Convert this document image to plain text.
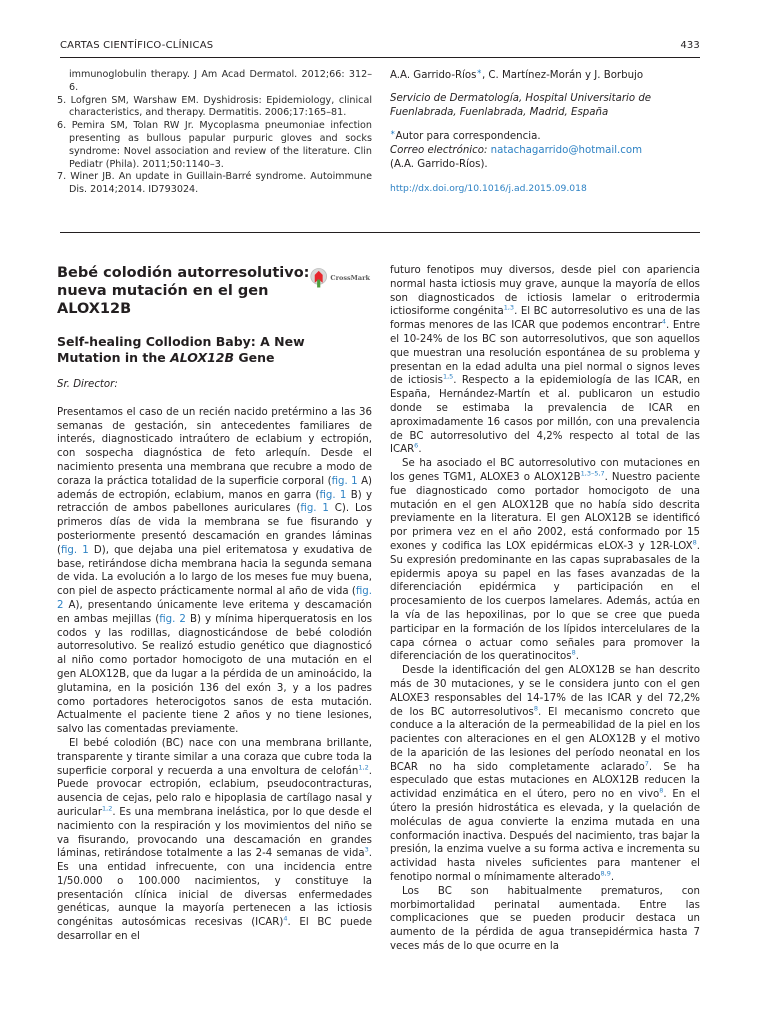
CARTAS CIENTÍFICO-CLÍNICAS	433

immunoglobulin therapy. J Am Acad Dermatol. 2012;66: 312–6.

5. Lofgren SM, Warshaw EM. Dyshidrosis: Epidemiology, clinical characteristics, and therapy. Dermatitis. 2006;17:165–81.

6. Pemira SM, Tolan RW Jr. Mycoplasma pneumoniae infection presenting as bullous papular purpuric gloves and socks syndrome: Novel association and review of the literature. Clin Pediatr (Phila). 2011;50:1140–3.

7. Winer JB. An update in Guillain-Barré syndrome. Autoimmune Dis. 2014;2014. ID793024.

A.A. Garrido-Ríos∗, C. Martínez-Morán y J. Borbujo

Servicio de Dermatología, Hospital Universitario de Fuenlabrada, Fuenlabrada, Madrid, España

∗Autor para correspondencia.

Correo electrónico: natachagarrido@hotmail.com

(A.A. Garrido-Ríos).

http://dx.doi.org/10.1016/j.ad.2015.09.018

Bebé colodión autorresolutivo:
nueva mutación en el gen
ALOX12B

Self-healing Collodion Baby: A New Mutation in the ALOX12B Gene

Sr. Director:

Presentamos el caso de un recién nacido pretérmino a las 36 semanas de gestación, sin antecedentes familiares de interés, diagnosticado intraútero de eclabium y ectropión, con sospecha diagnóstica de feto arlequín. Desde el nacimiento presenta una membrana que recubre a modo de coraza la práctica totalidad de la superficie corporal (fig. 1 A) además de ectropión, eclabium, manos en garra (fig. 1 B) y retracción de ambos pabellones auriculares (fig. 1 C). Los primeros días de vida la membrana se fue fisurando y posteriormente presentó descamación en grandes láminas (fig. 1 D), que dejaba una piel eritematosa y exudativa de base, retirándose dicha membrana hacia la segunda semana de vida. La evolución a lo largo de los meses fue muy buena, con piel de aspecto prácticamente normal al año de vida (fig. 2 A), presentando únicamente leve eritema y descamación en ambas mejillas (fig. 2 B) y mínima hiperqueratosis en los codos y las rodillas, diagnosticándose de bebé colodión autorresolutivo. Se realizó estudio genético que diagnosticó al niño como portador homocigoto de una mutación en el gen ALOX12B, que da lugar a la pérdida de un aminoácido, la glutamina, en la posición 136 del exón 3, y a los padres como portadores heterocigotos sanos de esta mutación. Actualmente el paciente tiene 2 años y no tiene lesiones, salvo las comentadas previamente.

El bebé colodión (BC) nace con una membrana brillante, transparente y tirante similar a una coraza que cubre toda la superficie corporal y recuerda a una envoltura de celofán$^{1,2}$. Puede provocar ectropión, eclabium, pseudocontracturas, ausencia de cejas, pelo ralo e hipoplasia de cartílago nasal y auricular$^{1,2}$. Es una membrana inelástica, por lo que desde el nacimiento con la respiración y los movimientos del niño se va fisurando, provocando una descamación en grandes láminas, retirándose totalmente a las 2-4 semanas de vida$^3$. Es una entidad infrecuente, con una incidencia entre 1/50.000 o 100.000 nacimientos, y constituye la presentación clínica inicial de diversas enfermedades genéticas, aunque la mayoría pertenecen a las ictiosis congénitas autosómicas recesivas (ICAR)$^4$. El BC puede desarrollar en el

CrossMark

futuro fenotipos muy diversos, desde piel con apariencia normal hasta ictiosis muy grave, aunque la mayoría de ellos son diagnosticados de ictiosis lamelar o eritrodermia ictiosiforme congénita$^{1,3}$. El BC autorresolutivo es una de las formas menores de las ICAR que podemos encontrar$^4$. Entre el 10-24% de los BC son autorresolutivos, que son aquellos que muestran una resolución espontánea de su problema y presentan en la edad adulta una piel normal o signos leves de ictiosis$^{1,5}$. Respecto a la epidemiología de las ICAR, en España, Hernández-Martín et al. publicaron un estudio donde se estimaba la prevalencia de ICAR en aproximadamente 16 casos por millón, con una prevalencia de BC autorresolutivo del 4,2% respecto al total de las ICAR$^6$.

Se ha asociado el BC autorresolutivo con mutaciones en los genes TGM1, ALOXE3 o $ALOX12B^{1,3-5,7}$. Nuestro paciente fue diagnosticado como portador homocigoto de una mutación en el gen ALOX12B que no había sido descrita previamente en la literatura. El gen ALOX12B se identificó por primera vez en el año 2002, está conformado por 15 exones y codifica las LOX epidérmicas eLOX-3 y 12R-LOX$^8$. Su expresión predominante en las capas suprabasales de la epidermis apoya su papel en las fases avanzadas de la diferenciación epidérmica y participación en el procesamiento de los cuerpos lamelares. Además, actúa en la vía de las hepoxilinas, por lo que se cree que pueda participar en la formación de los lípidos intercelulares de la capa córnea o actuar como señales para promover la diferenciación de los queratinocitos$^8$.

Desde la identificación del gen ALOX12B se han descrito más de 30 mutaciones, y se le considera junto con el gen ALOXE3 responsables del 14-17% de las ICAR y del 72,2% de los BC autorresolutivos$^8$. El mecanismo concreto que conduce a la alteración de la permeabilidad de la piel en los pacientes con alteraciones en el gen ALOX12B y el motivo de la aparición de las lesiones del período neonatal en los BCAR no ha sido completamente aclarado$^7$. Se ha especulado que estas mutaciones en ALOX12B reducen la actividad enzimática en el útero, pero no en vivo$^8$. En el útero la presión hidrostática es elevada, y la quelación de moléculas de agua convierte la enzima mutada en una conformación inactiva. Después del nacimiento, tras bajar la presión, la enzima vuelve a su forma activa e incrementa su actividad hasta niveles suficientes para mantener el fenotipo normal o mínimamente alterado$^{8,9}$.

Los BC son habitualmente prematuros, con morbimortalidad perinatal aumentada. Entre las complicaciones que se pueden producir destaca un aumento de la pérdida de agua transepidérmica hasta 7 veces más de lo que ocurre en la
